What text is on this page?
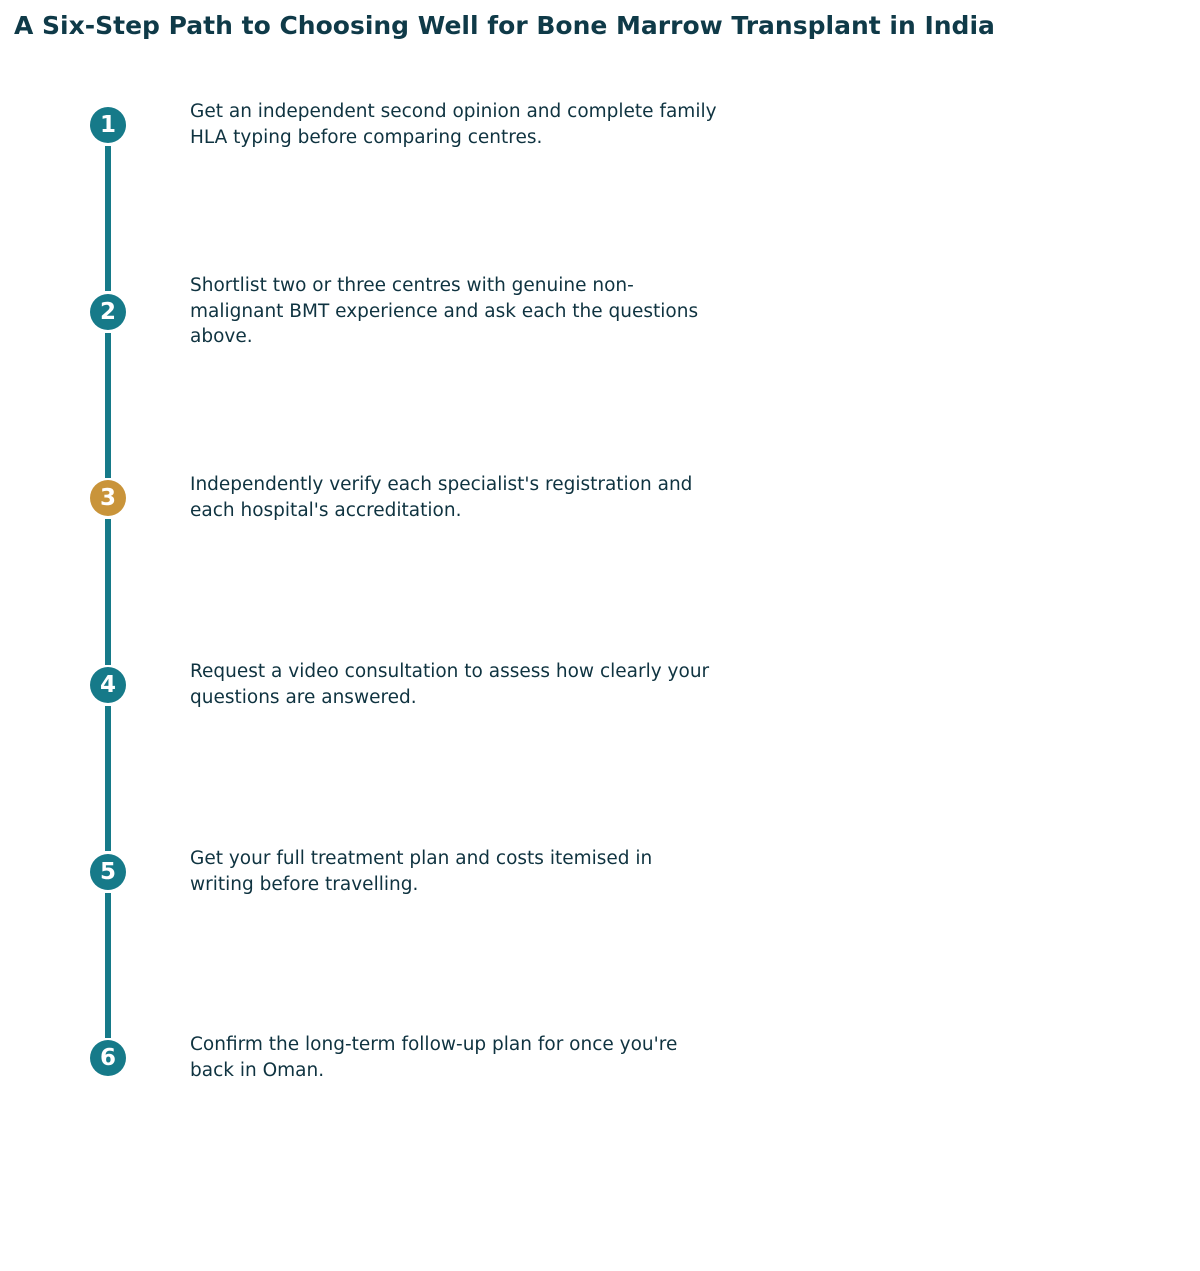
A Six-Step Path to Choosing Well for Bone Marrow Transplant in India
1

Get an independent second opinion and complete family HLA typing before comparing centres.

2

Shortlist two or three centres with genuine non-malignant BMT experience and ask each the questions above.

3

Independently verify each specialist's registration and each hospital's accreditation.

4

Request a video consultation to assess how clearly your questions are answered.

5

Get your full treatment plan and costs itemised in writing before travelling.

6

Confirm the long-term follow-up plan for once you're back in Oman.
